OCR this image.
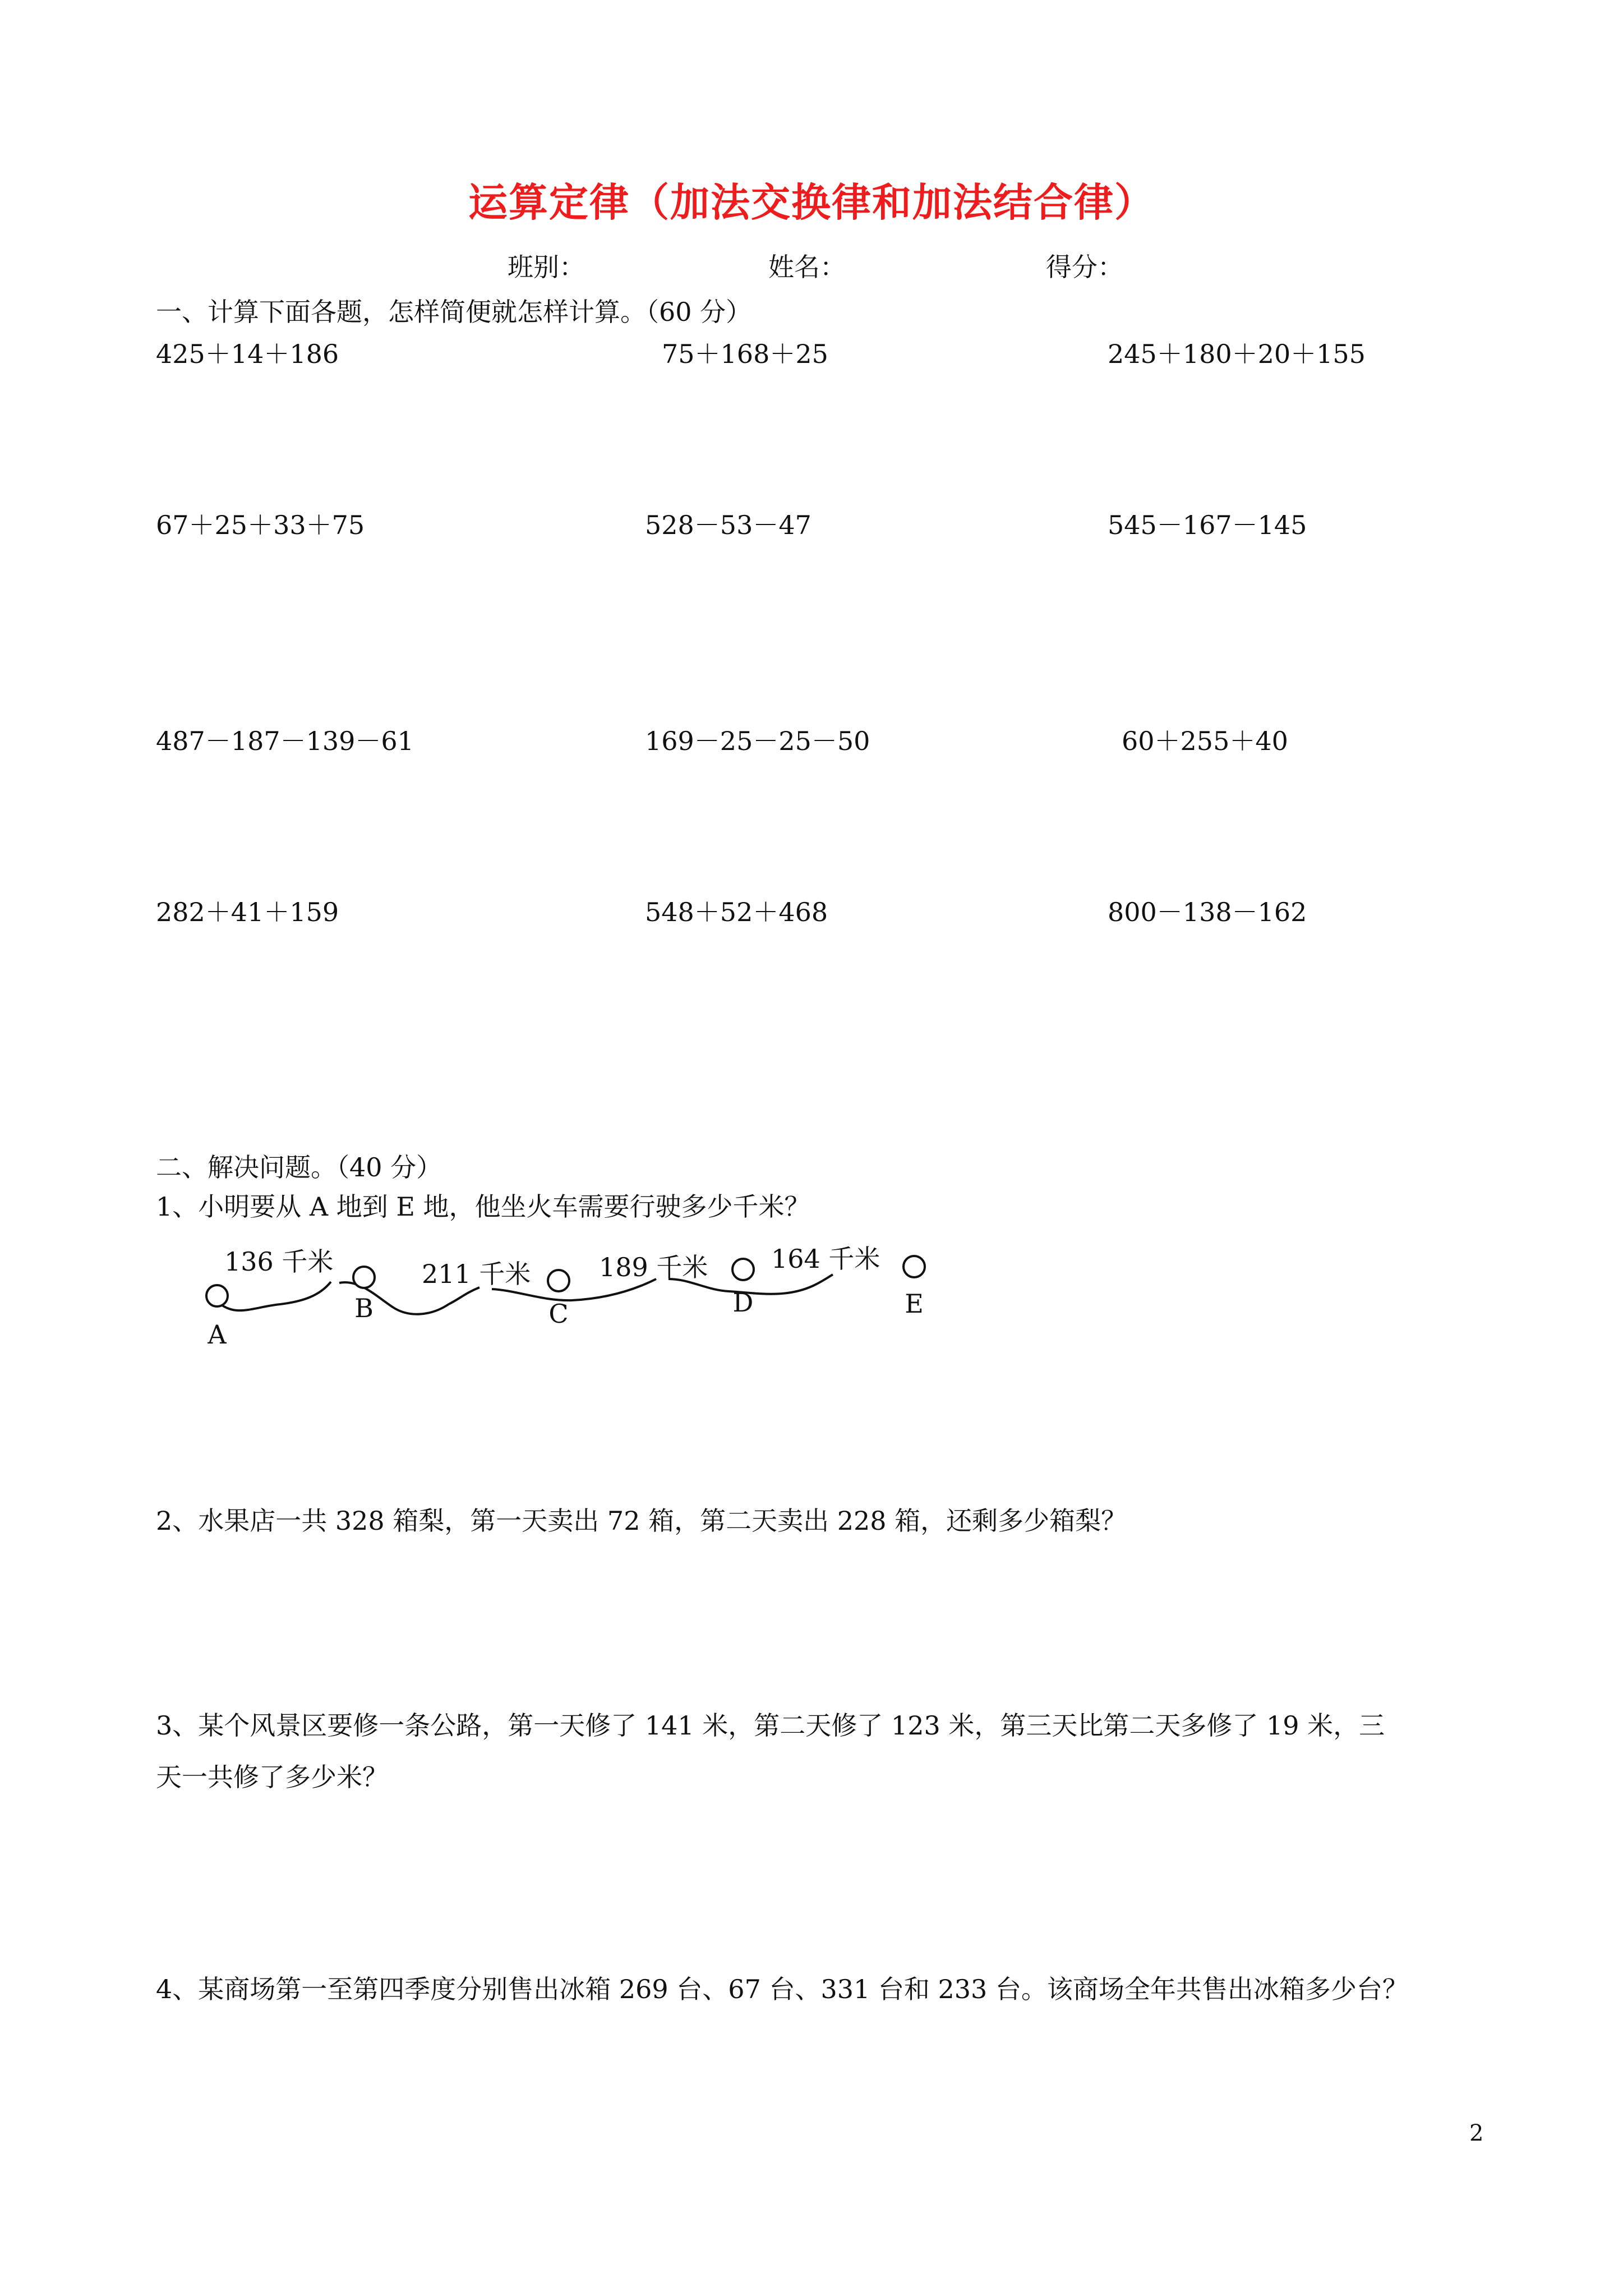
运算定律（加法交换律和加法结合律）
班别：	姓名：	得分：
一、计算下面各题，怎样简便就怎样计算。（60 分）
425＋14＋186	75＋168＋25	245＋180＋20＋155
67＋25＋33＋75	528－53－47	545－167－145
487－187－139－61	169－25－25－50	60＋255＋40
282＋41＋159	548＋52＋468	800－138－162
二、解决问题。（40 分）
1、小明要从 A 地到 E 地，他坐火车需要行驶多少千米？
A
B	C	D	E
136 千米	211 千米	189 千米 164 千米
2、水果店一共 328 箱梨，第一天卖出 72 箱，第二天卖出 228 箱，还剩多少箱梨？
3、某个风景区要修一条公路，第一天修了 141 米，第二天修了 123 米，第三天比第二天多修了 19 米，三
天一共修了多少米？
4、某商场第一至第四季度分别售出冰箱 269 台、67 台、331 台和 233 台。该商场全年共售出冰箱多少台？
2
